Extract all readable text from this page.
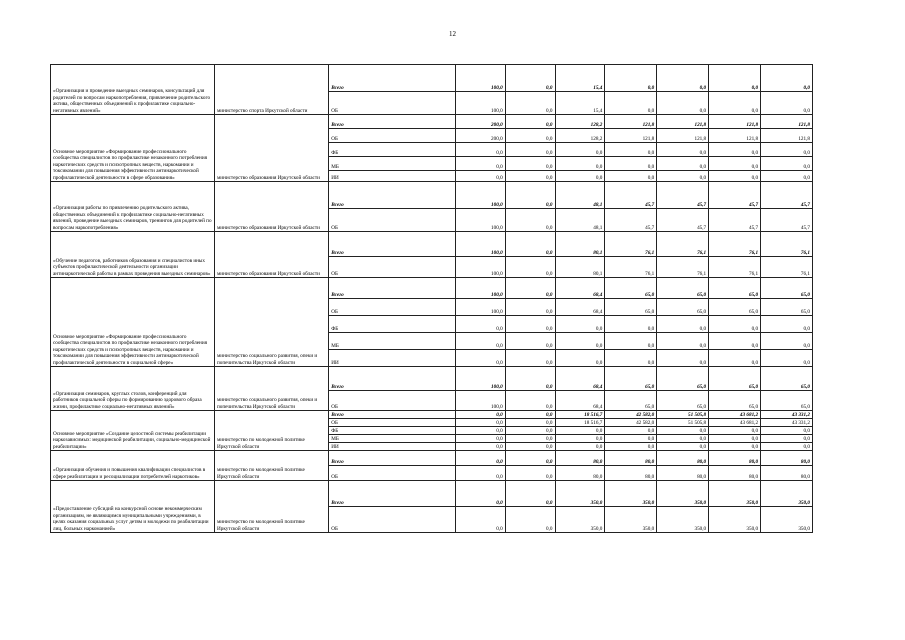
12
«Организация и проведение выездных семинаров, консультаций для родителей по вопросам наркопотребления, привлечение родительского актива, общественных объединений к профилактике социально-негативных явлений»	министерство спорта Иркутской области	Всего	100,0	0,0	15,4	0,0	0,0	0,0	0,0
		ОБ	100,0	0,0	15,4	0,0	0,0	0,0	0,0
Основное мероприятие «Формирование профессионального сообщества специалистов по профилактике незаконного потребления наркотических средств и психотропных веществ, наркомании и токсикомании для повышения эффективности антинаркотической профилактической деятельности в сфере образования»	министерство образования Иркутской области	Всего	200,0	0,0	128,2	121,8	121,8	121,8	121,8
		ОБ	200,0	0,0	128,2	121,8	121,8	121,8	121,8
		ФБ	0,0	0,0	0,0	0,0	0,0	0,0	0,0
		МБ	0,0	0,0	0,0	0,0	0,0	0,0	0,0
		ИИ	0,0	0,0	0,0	0,0	0,0	0,0	0,0
«Организация работы по привлечению родительского актива, общественных объединений к профилактике социально-негативных явлений, проведение выездных семинаров, тренингов для родителей по вопросам наркопотребления»	министерство образования Иркутской области	Всего	100,0	0,0	48,1	45,7	45,7	45,7	45,7
		ОБ	100,0	0,0	48,1	45,7	45,7	45,7	45,7
«Обучение педагогов, работников образования и специалистов иных субъектов профилактической деятельности организации антинаркотической работы в рамках проведения выездных семинаров»	министерство образования Иркутской области	Всего	100,0	0,0	80,1	76,1	76,1	76,1	76,1
		ОБ	100,0	0,0	80,1	76,1	76,1	76,1	76,1
Основное мероприятие «Формирование профессионального сообщества специалистов по профилактике незаконного потребления наркотических средств и психотропных веществ, наркомании и токсикомании для повышения эффективности антинаркотической профилактической деятельности в социальной сфере»	министерство социального развития, опеки и попечительства Иркутской области	Всего	100,0	0,0	68,4	65,0	65,0	65,0	65,0
		ОБ	100,0	0,0	68,4	65,0	65,0	65,0	65,0
		ФБ	0,0	0,0	0,0	0,0	0,0	0,0	0,0
		МБ	0,0	0,0	0,0	0,0	0,0	0,0	0,0
		ИИ	0,0	0,0	0,0	0,0	0,0	0,0	0,0
«Организация семинаров, круглых столов, конференций для работников социальной сферы по формированию здорового образа жизни, профилактике социально-негативных явлений»	министерство социального развития, опеки и попечительства Иркутской области	Всего	100,0	0,0	68,4	65,0	65,0	65,0	65,0
		ОБ	100,0	0,0	68,4	65,0	65,0	65,0	65,0
Основное мероприятие «Создание целостной системы реабилитации наркозависимых: медицинской реабилитации, социально-медицинской реабилитации»	министерство по молодежной политике Иркутской области	Всего	0,0	0,0	18 516,7	42 582,0	51 505,8	43 681,2	43 331,2
		ОБ	0,0	0,0	18 516,7	42 582,0	51 505,8	43 681,2	43 331,2
		ФБ	0,0	0,0	0,0	0,0	0,0	0,0	0,0
		МБ	0,0	0,0	0,0	0,0	0,0	0,0	0,0
		ИИ	0,0	0,0	0,0	0,0	0,0	0,0	0,0
«Организация обучения и повышения квалификации специалистов в сфере реабилитации и ресоциализации потребителей наркотиков»	министерство по молодежной политике Иркутской области	Всего	0,0	0,0	80,0	80,0	80,0	80,0	80,0
		ОБ	0,0	0,0	80,0	80,0	80,0	80,0	80,0
«Предоставление субсидий на конкурсной основе некоммерческим организациям, не являющимся муниципальными учреждениями, в целях оказания социальных услуг детям и молодежи по реабилитации лиц, больных наркоманией»	министерство по молодежной политике Иркутской области	Всего	0,0	0,0	350,0	350,0	350,0	350,0	350,0
		ОБ	0,0	0,0	350,0	350,0	350,0	350,0	350,0
